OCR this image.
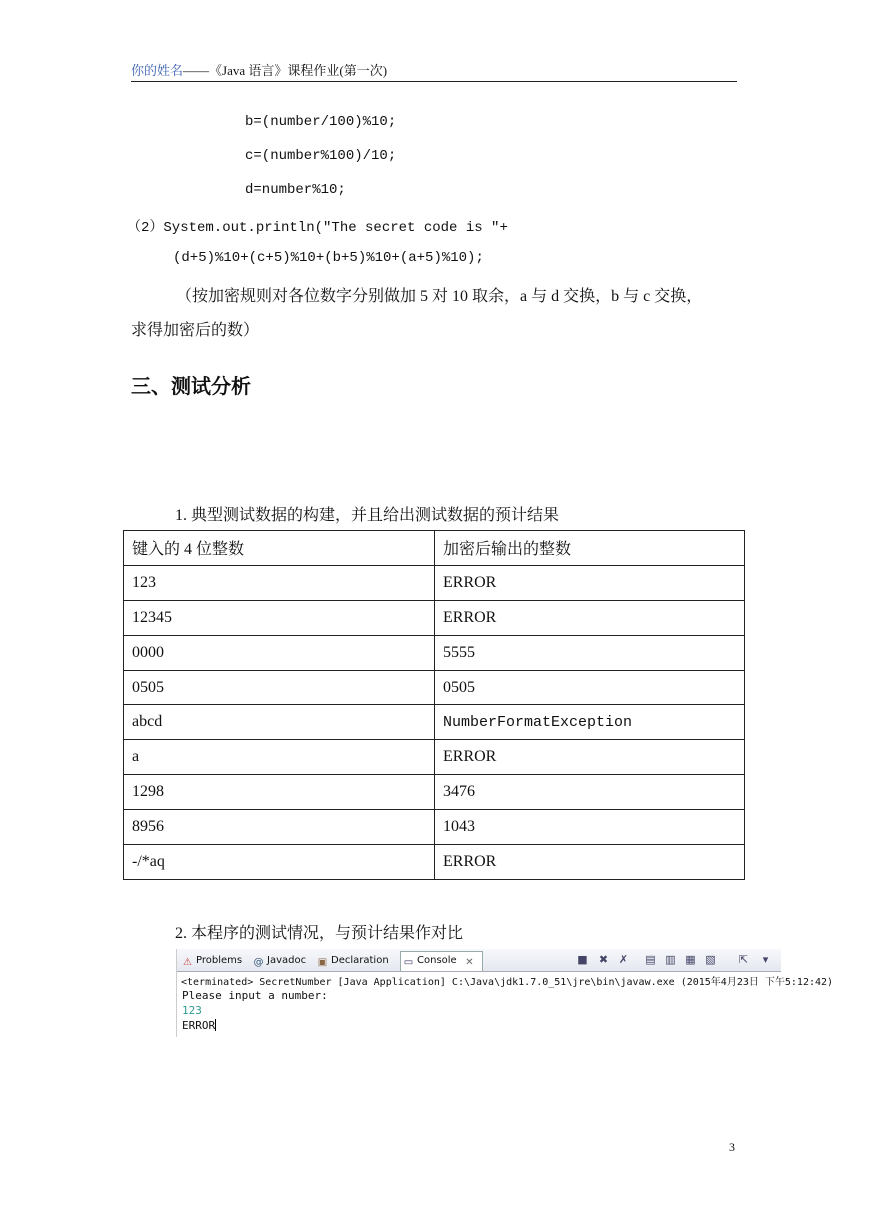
你的姓名——《Java 语言》课程作业(第一次)
b=(number/100)%10;
c=(number%100)/10;
d=number%10;
（2）System.out.println("The secret code is "+
(d+5)%10+(c+5)%10+(b+5)%10+(a+5)%10);
（按加密规则对各位数字分别做加 5 对 10 取余，a 与 d 交换，b 与 c 交换，
求得加密后的数）
三、测试分析
1. 典型测试数据的构建，并且给出测试数据的预计结果
键入的 4 位整数	加密后输出的整数
123	ERROR
12345	ERROR
0000	5555
0505	0505
abcd	NumberFormatException
a	ERROR
1298	3476
8956	1043
-/*aq	ERROR
2. 本程序的测试情况，与预计结果作对比
⚠ Problems @ Javadoc ▣ Declaration	▭ Console ✕	■ ✖ ✗ ▤ ▥ ▦ ▧ ⇱	▾
<terminated> SecretNumber [Java Application] C:\Java\jdk1.7.0_51\jre\bin\javaw.exe (2015年4月23日 下午5:12:42)
Please input a number:
123
ERROR
3
